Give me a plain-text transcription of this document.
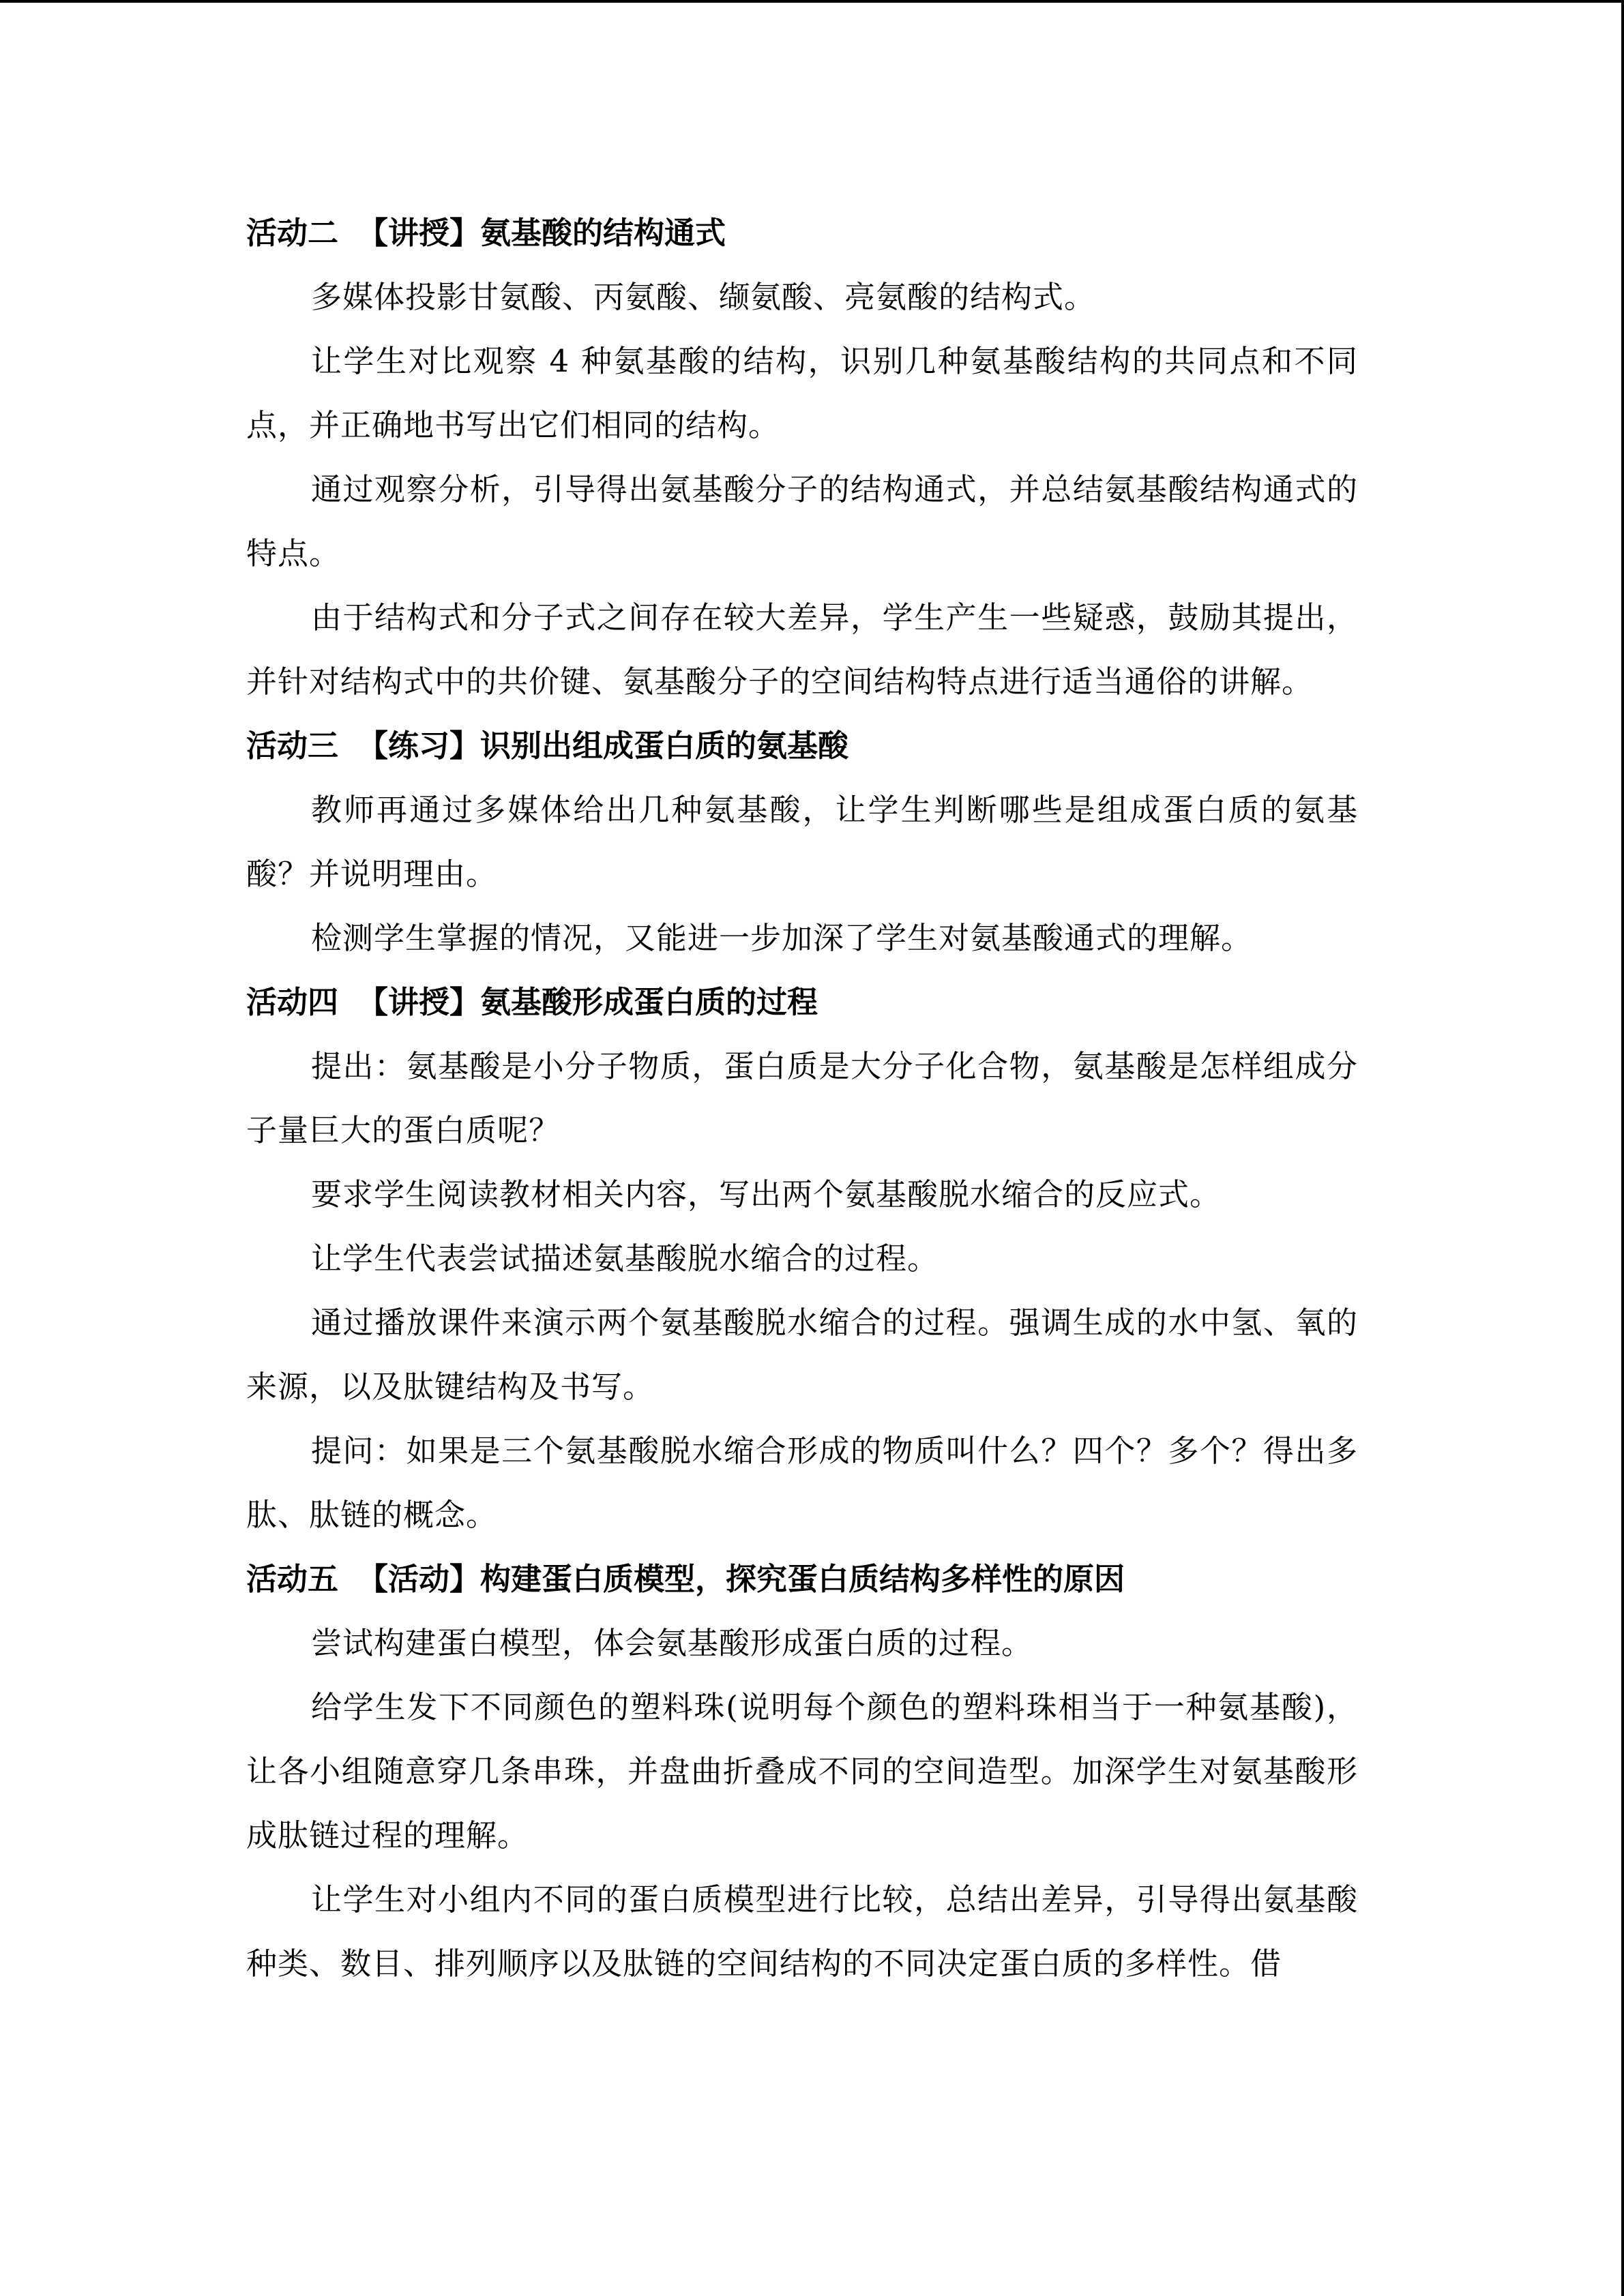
活动二 【讲授】氨基酸的结构通式
多媒体投影甘氨酸、丙氨酸、缬氨酸、亮氨酸的结构式。
让学生对比观察 4 种氨基酸的结构，识别几种氨基酸结构的共同点和不同点，并正确地书写出它们相同的结构。
通过观察分析，引导得出氨基酸分子的结构通式，并总结氨基酸结构通式的特点。
由于结构式和分子式之间存在较大差异，学生产生一些疑惑，鼓励其提出，并针对结构式中的共价键、氨基酸分子的空间结构特点进行适当通俗的讲解。
活动三 【练习】识别出组成蛋白质的氨基酸
教师再通过多媒体给出几种氨基酸，让学生判断哪些是组成蛋白质的氨基酸？并说明理由。
检测学生掌握的情况，又能进一步加深了学生对氨基酸通式的理解。
活动四 【讲授】氨基酸形成蛋白质的过程
提出：氨基酸是小分子物质，蛋白质是大分子化合物，氨基酸是怎样组成分子量巨大的蛋白质呢？
要求学生阅读教材相关内容，写出两个氨基酸脱水缩合的反应式。
让学生代表尝试描述氨基酸脱水缩合的过程。
通过播放课件来演示两个氨基酸脱水缩合的过程。强调生成的水中氢、氧的来源，以及肽键结构及书写。
提问：如果是三个氨基酸脱水缩合形成的物质叫什么？四个？多个？得出多肽、肽链的概念。
活动五 【活动】构建蛋白质模型，探究蛋白质结构多样性的原因
尝试构建蛋白模型，体会氨基酸形成蛋白质的过程。
给学生发下不同颜色的塑料珠(说明每个颜色的塑料珠相当于一种氨基酸)，让各小组随意穿几条串珠，并盘曲折叠成不同的空间造型。加深学生对氨基酸形成肽链过程的理解。
让学生对小组内不同的蛋白质模型进行比较，总结出差异，引导得出氨基酸种类、数目、排列顺序以及肽链的空间结构的不同决定蛋白质的多样性。借
